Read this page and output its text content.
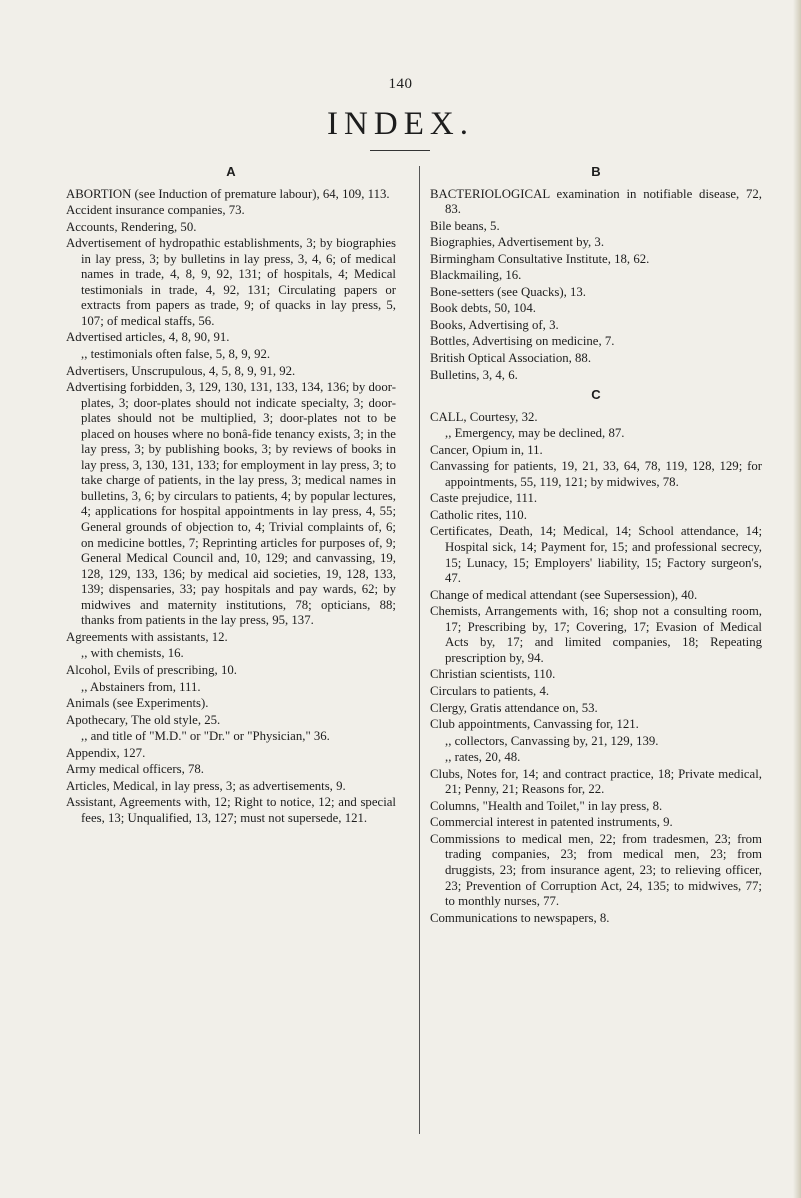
140
INDEX.
A

ABORTION (see Induction of premature labour), 64, 109, 113.

Accident insurance companies, 73.

Accounts, Rendering, 50.

Advertisement of hydropathic establishments, 3; by biographies in lay press, 3; by bulletins in lay press, 3, 4, 6; of medical names in trade, 4, 8, 9, 92, 131; of hospitals, 4; Medical testimonials in trade, 4, 92, 131; Circulating papers or extracts from papers as trade, 9; of quacks in lay press, 5, 107; of medical staffs, 56.

Advertised articles, 4, 8, 90, 91.

,, testimonials often false, 5, 8, 9, 92.

Advertisers, Unscrupulous, 4, 5, 8, 9, 91, 92.

Advertising forbidden, 3, 129, 130, 131, 133, 134, 136; by door-plates, 3; door-plates should not indicate specialty, 3; door-plates should not be multiplied, 3; door-plates not to be placed on houses where no bonâ-fide tenancy exists, 3; in the lay press, 3; by publishing books, 3; by reviews of books in lay press, 3, 130, 131, 133; for employment in lay press, 3; to take charge of patients, in the lay press, 3; medical names in bulletins, 3, 6; by circulars to patients, 4; by popular lectures, 4; applications for hospital appointments in lay press, 4, 55; General grounds of objection to, 4; Trivial complaints of, 6; on medicine bottles, 7; Reprinting articles for purposes of, 9; General Medical Council and, 10, 129; and canvassing, 19, 128, 129, 133, 136; by medical aid societies, 19, 128, 133, 139; dispensaries, 33; pay hospitals and pay wards, 62; by midwives and maternity institutions, 78; opticians, 88; thanks from patients in the lay press, 95, 137.

Agreements with assistants, 12.

,, with chemists, 16.

Alcohol, Evils of prescribing, 10.

,, Abstainers from, 111.

Animals (see Experiments).

Apothecary, The old style, 25.

,, and title of "M.D." or "Dr." or "Physician," 36.

Appendix, 127.

Army medical officers, 78.

Articles, Medical, in lay press, 3; as advertisements, 9.

Assistant, Agreements with, 12; Right to notice, 12; and special fees, 13; Unqualified, 13, 127; must not supersede, 121.

B

BACTERIOLOGICAL examination in notifiable disease, 72, 83.

Bile beans, 5.

Biographies, Advertisement by, 3.

Birmingham Consultative Institute, 18, 62.

Blackmailing, 16.

Bone-setters (see Quacks), 13.

Book debts, 50, 104.

Books, Advertising of, 3.

Bottles, Advertising on medicine, 7.

British Optical Association, 88.

Bulletins, 3, 4, 6.

C

CALL, Courtesy, 32.

,, Emergency, may be declined, 87.

Cancer, Opium in, 11.

Canvassing for patients, 19, 21, 33, 64, 78, 119, 128, 129; for appointments, 55, 119, 121; by midwives, 78.

Caste prejudice, 111.

Catholic rites, 110.

Certificates, Death, 14; Medical, 14; School attendance, 14; Hospital sick, 14; Payment for, 15; and professional secrecy, 15; Lunacy, 15; Employers' liability, 15; Factory surgeon's, 47.

Change of medical attendant (see Supersession), 40.

Chemists, Arrangements with, 16; shop not a consulting room, 17; Prescribing by, 17; Covering, 17; Evasion of Medical Acts by, 17; and limited companies, 18; Repeating prescription by, 94.

Christian scientists, 110.

Circulars to patients, 4.

Clergy, Gratis attendance on, 53.

Club appointments, Canvassing for, 121.

,, collectors, Canvassing by, 21, 129, 139.

,, rates, 20, 48.

Clubs, Notes for, 14; and contract practice, 18; Private medical, 21; Penny, 21; Reasons for, 22.

Columns, "Health and Toilet," in lay press, 8.

Commercial interest in patented instruments, 9.

Commissions to medical men, 22; from tradesmen, 23; from trading companies, 23; from medical men, 23; from druggists, 23; from insurance agent, 23; to relieving officer, 23; Prevention of Corruption Act, 24, 135; to midwives, 77; to monthly nurses, 77.

Communications to newspapers, 8.
